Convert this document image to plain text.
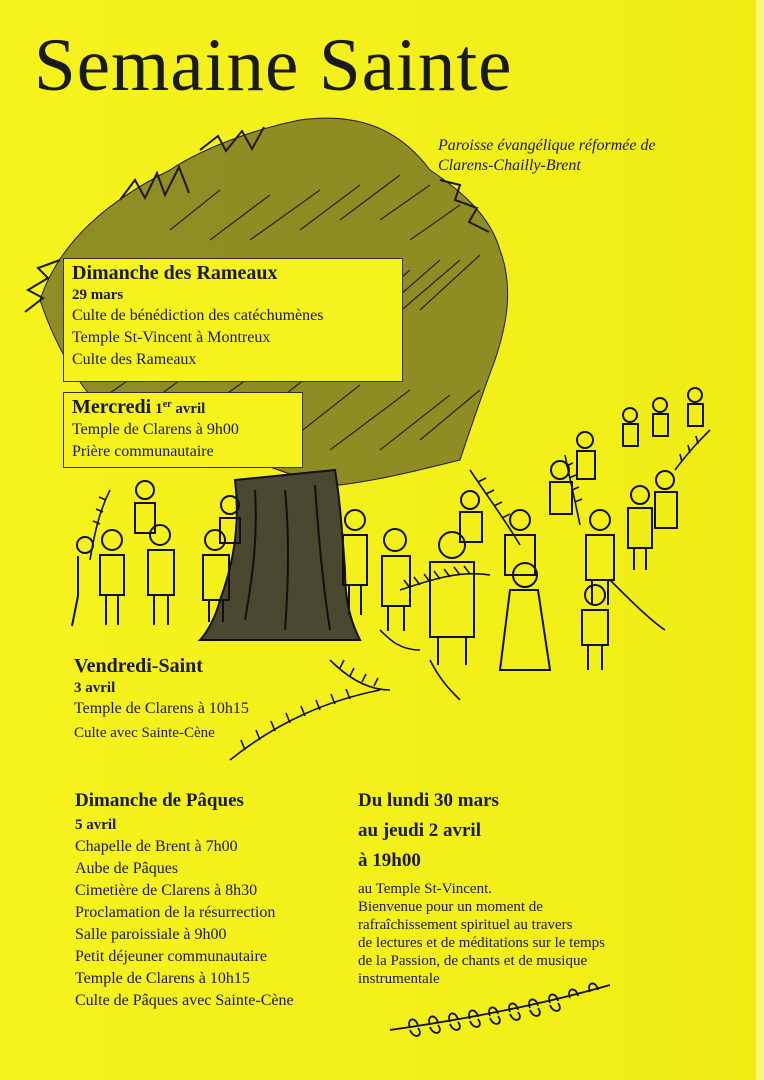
Semaine Sainte
Paroisse évangélique réformée de
Clarens-Chailly-Brent
Dimanche des Rameaux
29 mars
Culte de bénédiction des catéchumènes
Temple St-Vincent à Montreux
Culte des Rameaux
Mercredi 1er avril
Temple de Clarens à 9h00
Prière communautaire
Vendredi-Saint
3 avril
Temple de Clarens à 10h15
Culte avec Sainte-Cène
Dimanche de Pâques
5 avril
Chapelle de Brent à 7h00
Aube de Pâques
Cimetière de Clarens à 8h30
Proclamation de la résurrection
Salle paroissiale à 9h00
Petit déjeuner communautaire
Temple de Clarens à 10h15
Culte de Pâques avec Sainte-Cène
Du lundi 30 mars
au jeudi 2 avril
à 19h00
au Temple St-Vincent.
Bienvenue pour un moment de
rafraîchissement spirituel au travers
de lectures et de méditations sur le temps
de la Passion, de chants et de musique
instrumentale
